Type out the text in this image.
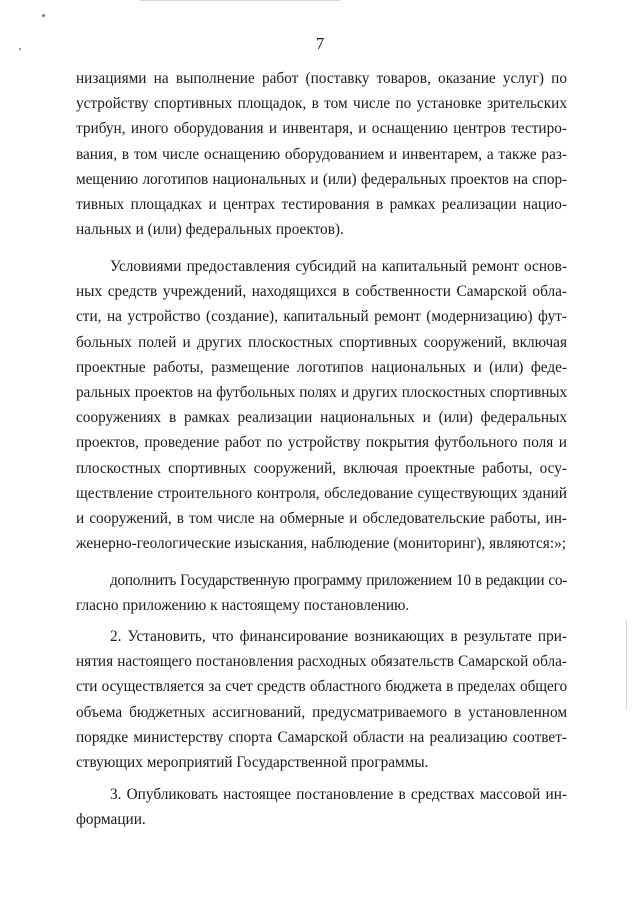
7
низациями на выполнение работ (поставку товаров, оказание услуг) по
устройству спортивных площадок, в том числе по установке зрительских
трибун, иного оборудования и инвентаря, и оснащению центров тестиро-
вания, в том числе оснащению оборудованием и инвентарем, а также раз-
мещению логотипов национальных и (или) федеральных проектов на спор-
тивных площадках и центрах тестирования в рамках реализации нацио-
нальных и (или) федеральных проектов).
Условиями предоставления субсидий на капитальный ремонт основ-
ных средств учреждений, находящихся в собственности Самарской обла-
сти, на устройство (создание), капитальный ремонт (модернизацию) фут-
больных полей и других плоскостных спортивных сооружений, включая
проектные работы, размещение логотипов национальных и (или) феде-
ральных проектов на футбольных полях и других плоскостных спортивных
сооружениях в рамках реализации национальных и (или) федеральных
проектов, проведение работ по устройству покрытия футбольного поля и
плоскостных спортивных сооружений, включая проектные работы, осу-
ществление строительного контроля, обследование существующих зданий
и сооружений, в том числе на обмерные и обследовательские работы, ин-
женерно-геологические изыскания, наблюдение (мониторинг), являются:»;
дополнить Государственную программу приложением 10 в редакции со-
гласно приложению к настоящему постановлению.
2. Установить, что финансирование возникающих в результате при-
нятия настоящего постановления расходных обязательств Самарской обла-
сти осуществляется за счет средств областного бюджета в пределах общего
объема бюджетных ассигнований, предусматриваемого в установленном
порядке министерству спорта Самарской области на реализацию соответ-
ствующих мероприятий Государственной программы.
3. Опубликовать настоящее постановление в средствах массовой ин-
формации.
